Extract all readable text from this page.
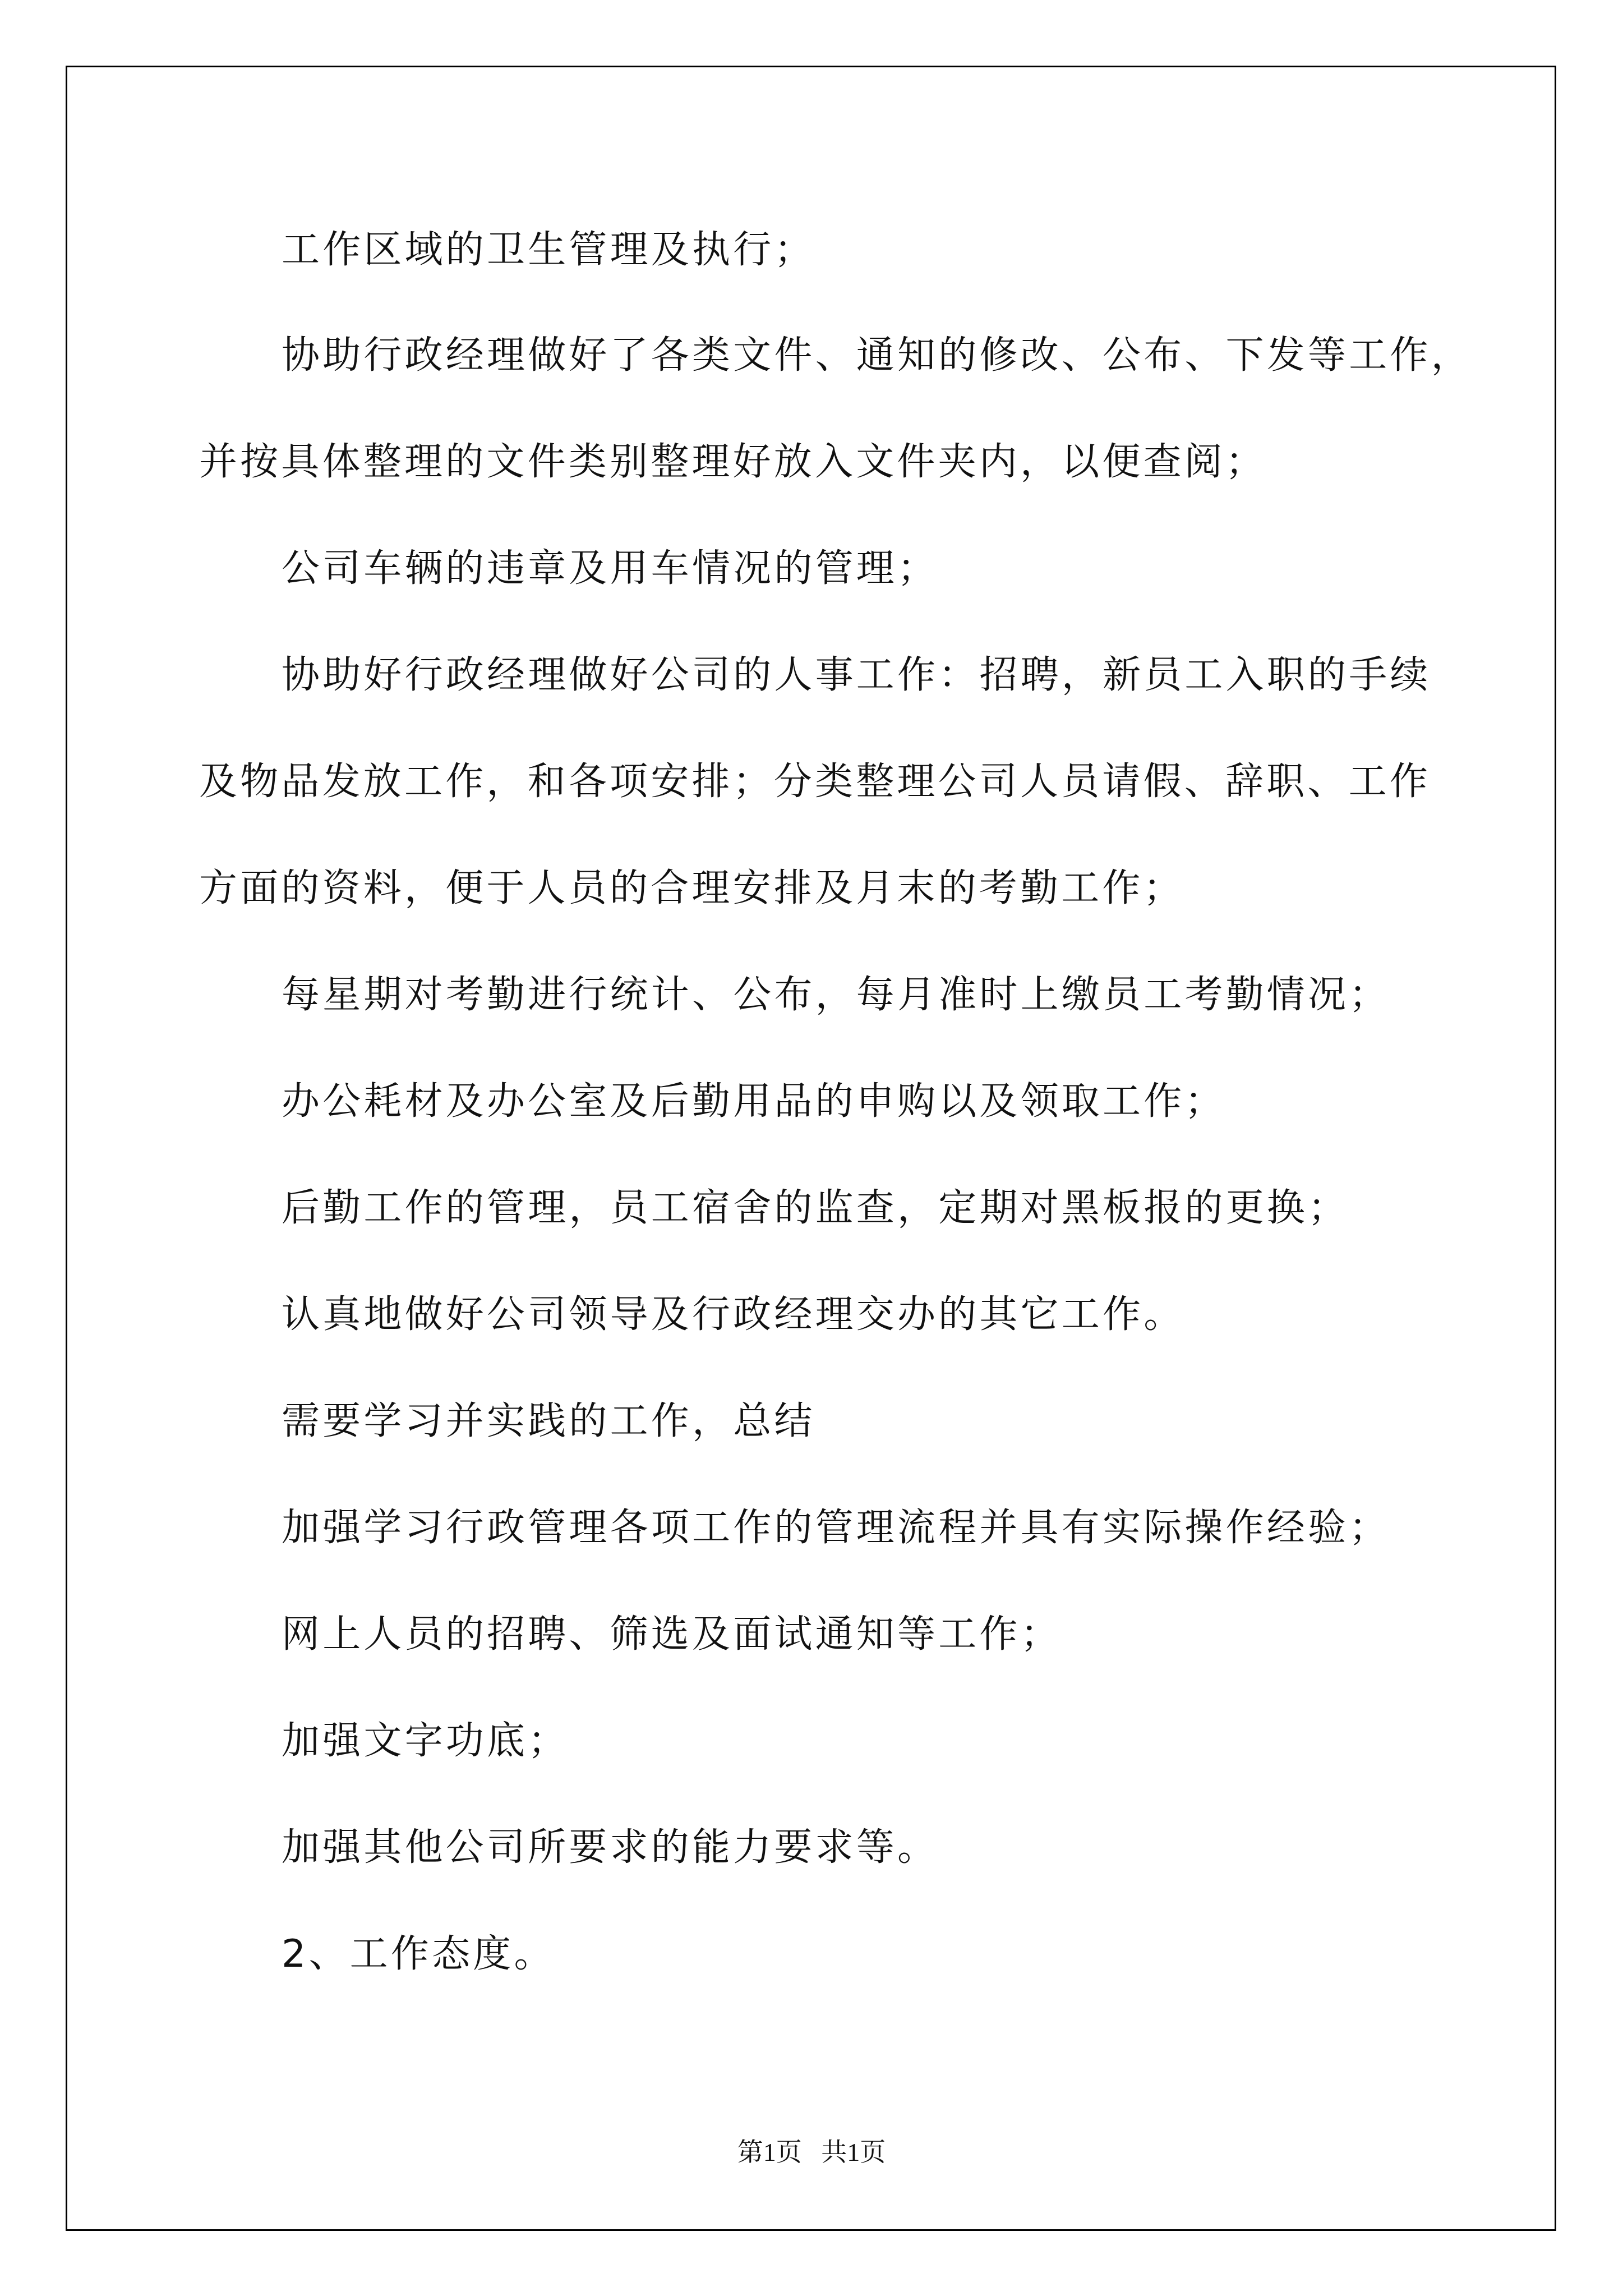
工作区域的卫生管理及执行；
协助行政经理做好了各类文件、通知的修改、公布、下发等工作，
并按具体整理的文件类别整理好放入文件夹内，以便查阅；
公司车辆的违章及用车情况的管理；
协助好行政经理做好公司的人事工作：招聘，新员工入职的手续
及物品发放工作，和各项安排；分类整理公司人员请假、辞职、工作
方面的资料，便于人员的合理安排及月末的考勤工作；
每星期对考勤进行统计、公布，每月准时上缴员工考勤情况；
办公耗材及办公室及后勤用品的申购以及领取工作；
后勤工作的管理，员工宿舍的监查，定期对黑板报的更换；
认真地做好公司领导及行政经理交办的其它工作。
需要学习并实践的工作，总结
加强学习行政管理各项工作的管理流程并具有实际操作经验；
网上人员的招聘、筛选及面试通知等工作；
加强文字功底；
加强其他公司所要求的能力要求等。
2、工作态度。
第1页   共1页
